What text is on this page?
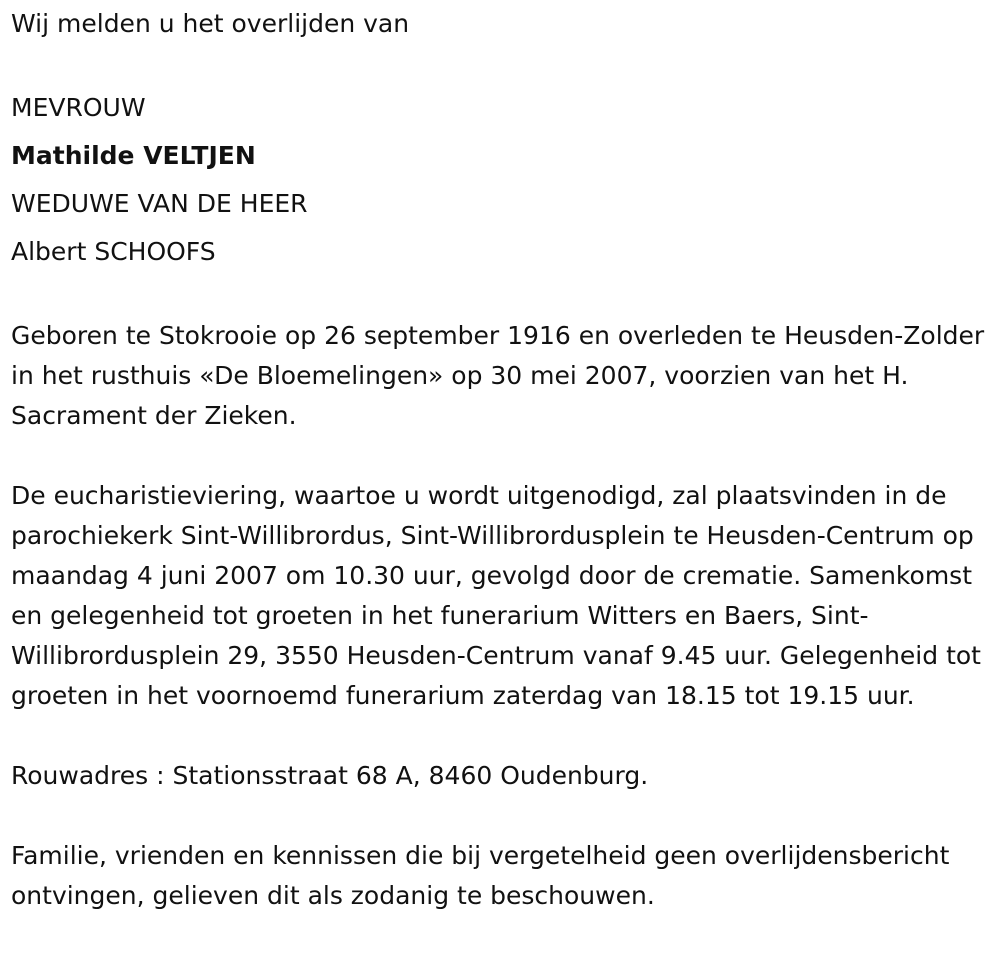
Wij melden u het overlijden van

MEVROUW
Mathilde VELTJEN
WEDUWE VAN DE HEER
Albert SCHOOFS

Geboren te Stokrooie op 26 september 1916 en overleden te Heusden-Zolder in het rusthuis «De Bloemelingen» op 30 mei 2007, voorzien van het H. Sacrament der Zieken.

De eucharistieviering, waartoe u wordt uitgenodigd, zal plaatsvinden in de parochiekerk Sint-Willibrordus, Sint-Willibrordusplein te Heusden-Centrum op maandag 4 juni 2007 om 10.30 uur, gevolgd door de crematie. Samenkomst en gelegenheid tot groeten in het funerarium Witters en Baers, Sint-Willibrordusplein 29, 3550 Heusden-Centrum vanaf 9.45 uur. Gelegenheid tot groeten in het voornoemd funerarium zaterdag van 18.15 tot 19.15 uur.

Rouwadres : Stationsstraat 68 A, 8460 Oudenburg.

Familie, vrienden en kennissen die bij vergetelheid geen overlijdensbericht ontvingen, gelieven dit als zodanig te beschouwen.
